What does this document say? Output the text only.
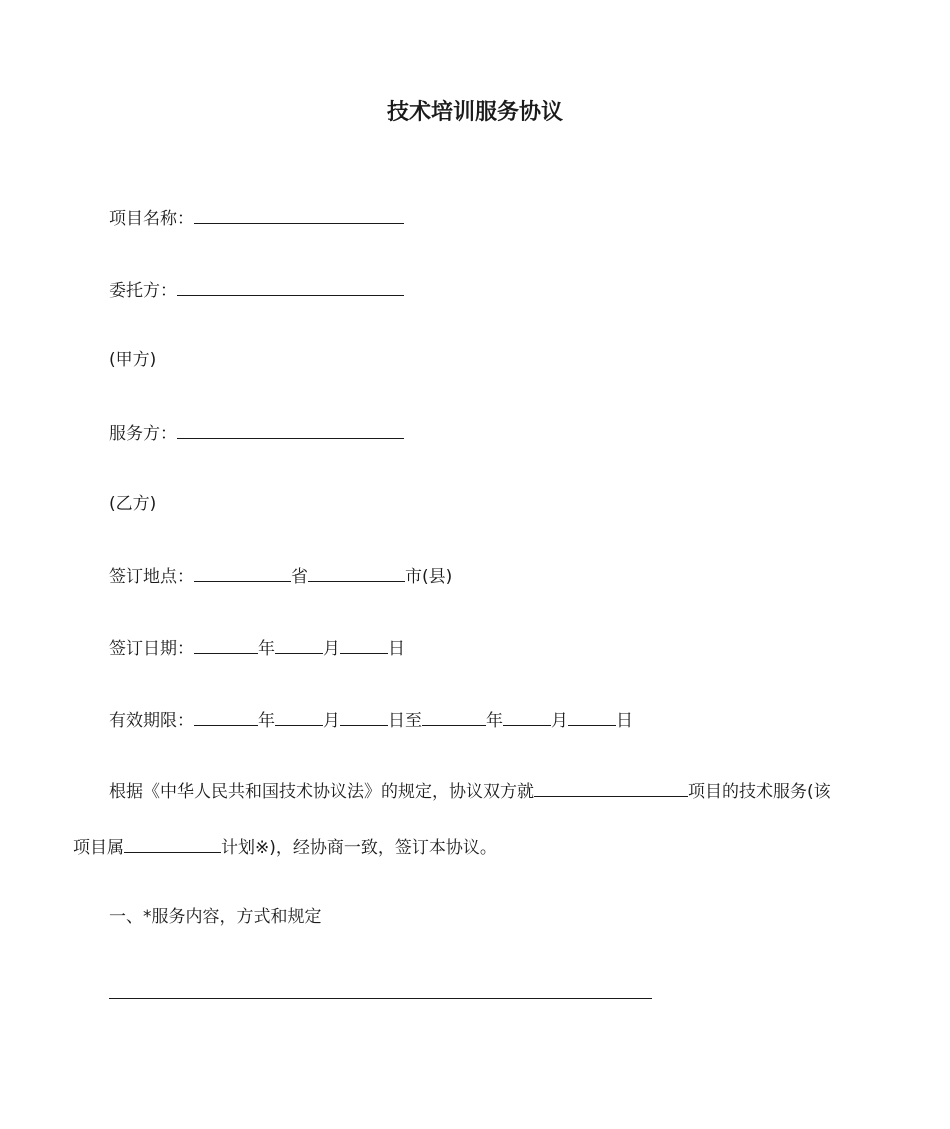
技术培训服务协议
项目名称：
委托方：
(甲方)
服务方：
(乙方)
签订地点：	省	市(县)
签订日期：	年	月	日
有效期限：	年	月	日至	年	月	日
根据《中华人民共和国技术协议法》的规定，协议双方就	项目的技术服务(该
项目属	计划※)，经协商一致，签订本协议。
一、*服务内容，方式和规定
